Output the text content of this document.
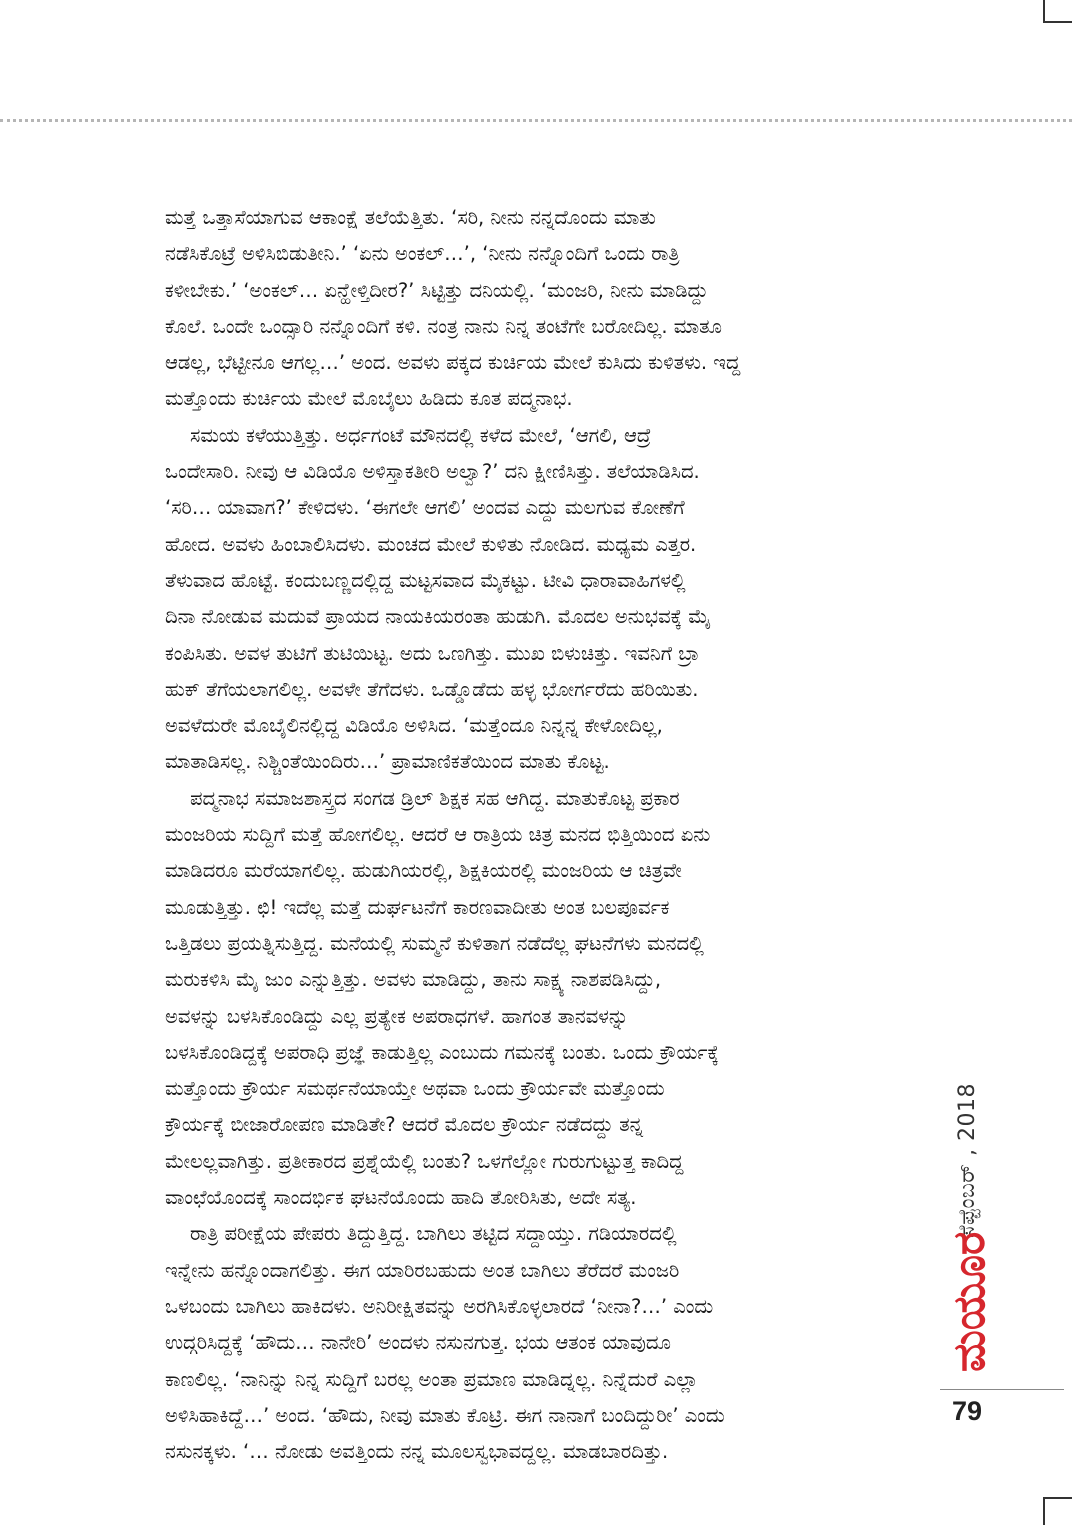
ಮತ್ತೆ ಒತ್ತಾಸೆಯಾಗುವ ಆಕಾಂಕ್ಷೆ ತಲೆಯೆತ್ತಿತು. ‘ಸರಿ, ನೀನು ನನ್ನದೊಂದು ಮಾತು
ನಡೆಸಿಕೊಟ್ರೆ ಅಳಿಸಿಬಿಡುತೀನಿ.’ ‘ಏನು ಅಂಕಲ್…’, ‘ನೀನು ನನ್ನೊಂದಿಗೆ ಒಂದು ರಾತ್ರಿ
ಕಳೀಬೇಕು.’ ‘ಅಂಕಲ್… ಏನ್ಹೇಳ್ತಿದೀರ?’ ಸಿಟ್ಟಿತ್ತು ದನಿಯಲ್ಲಿ. ‘ಮಂಜರಿ, ನೀನು ಮಾಡಿದ್ದು
ಕೊಲೆ. ಒಂದೇ ಒಂದ್ಸಾರಿ ನನ್ನೊಂದಿಗೆ ಕಳಿ. ನಂತ್ರ ನಾನು ನಿನ್ನ ತಂಟೆಗೇ ಬರೋದಿಲ್ಲ. ಮಾತೂ
ಆಡಲ್ಲ, ಭೆಟ್ಟೀನೂ ಆಗಲ್ಲ…’ ಅಂದ. ಅವಳು ಪಕ್ಕದ ಕುರ್ಚಿಯ ಮೇಲೆ ಕುಸಿದು ಕುಳಿತಳು. ಇದ್ದ
ಮತ್ತೊಂದು ಕುರ್ಚಿಯ ಮೇಲೆ ಮೊಬೈಲು ಹಿಡಿದು ಕೂತ ಪದ್ಮನಾಭ.
ಸಮಯ ಕಳೆಯುತ್ತಿತ್ತು. ಅರ್ಧಗಂಟೆ ಮೌನದಲ್ಲಿ ಕಳೆದ ಮೇಲೆ, ‘ಆಗಲಿ, ಆದ್ರೆ
ಒಂದೇಸಾರಿ. ನೀವು ಆ ವಿಡಿಯೊ ಅಳಿಸ್ತಾಕತೀರಿ ಅಲ್ವಾ?’ ದನಿ ಕ್ಷೀಣಿಸಿತ್ತು. ತಲೆಯಾಡಿಸಿದ.
‘ಸರಿ… ಯಾವಾಗ?’ ಕೇಳಿದಳು. ‘ಈಗಲೇ ಆಗಲಿ’ ಅಂದವ ಎದ್ದು ಮಲಗುವ ಕೋಣೆಗೆ
ಹೋದ. ಅವಳು ಹಿಂಬಾಲಿಸಿದಳು. ಮಂಚದ ಮೇಲೆ ಕುಳಿತು ನೋಡಿದ. ಮಧ್ಯಮ ಎತ್ತರ.
ತೆಳುವಾದ ಹೊಟ್ಟೆ. ಕಂದುಬಣ್ಣದಲ್ಲಿದ್ದ ಮಟ್ಟಸವಾದ ಮೈಕಟ್ಟು. ಟೀವಿ ಧಾರಾವಾಹಿಗಳಲ್ಲಿ
ದಿನಾ ನೋಡುವ ಮದುವೆ ಪ್ರಾಯದ ನಾಯಕಿಯರಂತಾ ಹುಡುಗಿ. ಮೊದಲ ಅನುಭವಕ್ಕೆ ಮೈ
ಕಂಪಿಸಿತು. ಅವಳ ತುಟಿಗೆ ತುಟಿಯಿಟ್ಟ. ಅದು ಒಣಗಿತ್ತು. ಮುಖ ಬಿಳುಚಿತ್ತು. ಇವನಿಗೆ ಬ್ರಾ
ಹುಕ್ ತೆಗೆಯಲಾಗಲಿಲ್ಲ. ಅವಳೇ ತೆಗೆದಳು. ಒಡ್ಡೊಡೆದು ಹಳ್ಳ ಭೋರ್ಗರೆದು ಹರಿಯಿತು.
ಅವಳೆದುರೇ ಮೊಬೈಲಿನಲ್ಲಿದ್ದ ವಿಡಿಯೊ ಅಳಿಸಿದ. ‘ಮತ್ತೆಂದೂ ನಿನ್ನನ್ನ ಕೇಳೋದಿಲ್ಲ,
ಮಾತಾಡಿಸಲ್ಲ. ನಿಶ್ಚಿಂತೆಯಿಂದಿರು…’ ಪ್ರಾಮಾಣಿಕತೆಯಿಂದ ಮಾತು ಕೊಟ್ಟ.
ಪದ್ಮನಾಭ ಸಮಾಜಶಾಸ್ತ್ರದ ಸಂಗಡ ಡ್ರಿಲ್ ಶಿಕ್ಷಕ ಸಹ ಆಗಿದ್ದ. ಮಾತುಕೊಟ್ಟ ಪ್ರಕಾರ
ಮಂಜರಿಯ ಸುದ್ದಿಗೆ ಮತ್ತೆ ಹೋಗಲಿಲ್ಲ. ಆದರೆ ಆ ರಾತ್ರಿಯ ಚಿತ್ರ ಮನದ ಭಿತ್ತಿಯಿಂದ ಏನು
ಮಾಡಿದರೂ ಮರೆಯಾಗಲಿಲ್ಲ. ಹುಡುಗಿಯರಲ್ಲಿ, ಶಿಕ್ಷಕಿಯರಲ್ಲಿ ಮಂಜರಿಯ ಆ ಚಿತ್ರವೇ
ಮೂಡುತ್ತಿತ್ತು. ಛಿ! ಇದೆಲ್ಲ ಮತ್ತೆ ದುರ್ಘಟನೆಗೆ ಕಾರಣವಾದೀತು ಅಂತ ಬಲಪೂರ್ವಕ
ಒತ್ತಿಡಲು ಪ್ರಯತ್ನಿಸುತ್ತಿದ್ದ. ಮನೆಯಲ್ಲಿ ಸುಮ್ಮನೆ ಕುಳಿತಾಗ ನಡೆದೆಲ್ಲ ಘಟನೆಗಳು ಮನದಲ್ಲಿ
ಮರುಕಳಿಸಿ ಮೈ ಜುಂ ಎನ್ನುತ್ತಿತ್ತು. ಅವಳು ಮಾಡಿದ್ದು, ತಾನು ಸಾಕ್ಷ್ಯ ನಾಶಪಡಿಸಿದ್ದು,
ಅವಳನ್ನು ಬಳಸಿಕೊಂಡಿದ್ದು ಎಲ್ಲ ಪ್ರತ್ಯೇಕ ಅಪರಾಧಗಳೆ. ಹಾಗಂತ ತಾನವಳನ್ನು
ಬಳಸಿಕೊಂಡಿದ್ದಕ್ಕೆ ಅಪರಾಧಿ ಪ್ರಜ್ಞೆ ಕಾಡುತ್ತಿಲ್ಲ ಎಂಬುದು ಗಮನಕ್ಕೆ ಬಂತು. ಒಂದು ಕ್ರೌರ್ಯಕ್ಕೆ
ಮತ್ತೊಂದು ಕ್ರೌರ್ಯ ಸಮರ್ಥನೆಯಾಯ್ತೇ ಅಥವಾ ಒಂದು ಕ್ರೌರ್ಯವೇ ಮತ್ತೊಂದು
ಕ್ರೌರ್ಯಕ್ಕೆ ಬೀಜಾರೋಪಣ ಮಾಡಿತೇ? ಆದರೆ ಮೊದಲ ಕ್ರೌರ್ಯ ನಡೆದದ್ದು ತನ್ನ
ಮೇಲಲ್ಲವಾಗಿತ್ತು. ಪ್ರತೀಕಾರದ ಪ್ರಶ್ನೆಯೆಲ್ಲಿ ಬಂತು? ಒಳಗೆಲ್ಲೋ ಗುರುಗುಟ್ಟುತ್ತ ಕಾದಿದ್ದ
ವಾಂಛೆಯೊಂದಕ್ಕೆ ಸಾಂದರ್ಭಿಕ ಘಟನೆಯೊಂದು ಹಾದಿ ತೋರಿಸಿತು, ಅದೇ ಸತ್ಯ.
ರಾತ್ರಿ ಪರೀಕ್ಷೆಯ ಪೇಪರು ತಿದ್ದುತ್ತಿದ್ದ. ಬಾಗಿಲು ತಟ್ಟಿದ ಸದ್ದಾಯ್ತು. ಗಡಿಯಾರದಲ್ಲಿ
ಇನ್ನೇನು ಹನ್ನೊಂದಾಗಲಿತ್ತು. ಈಗ ಯಾರಿರಬಹುದು ಅಂತ ಬಾಗಿಲು ತೆರೆದರೆ ಮಂಜರಿ
ಒಳಬಂದು ಬಾಗಿಲು ಹಾಕಿದಳು. ಅನಿರೀಕ್ಷಿತವನ್ನು ಅರಗಿಸಿಕೊಳ್ಳಲಾರದೆ ‘ನೀನಾ?…’ ಎಂದು
ಉದ್ಗರಿಸಿದ್ದಕ್ಕೆ ‘ಹೌದು… ನಾನೇರಿ’ ಅಂದಳು ನಸುನಗುತ್ತ. ಭಯ ಆತಂಕ ಯಾವುದೂ
ಕಾಣಲಿಲ್ಲ. ‘ನಾನಿನ್ನು ನಿನ್ನ ಸುದ್ದಿಗೆ ಬರಲ್ಲ ಅಂತಾ ಪ್ರಮಾಣ ಮಾಡಿದ್ನಲ್ಲ. ನಿನ್ನೆದುರೆ ಎಲ್ಲಾ
ಅಳಿಸಿಹಾಕಿದ್ದೆ…’ ಅಂದ. ‘ಹೌದು, ನೀವು ಮಾತು ಕೊಟ್ರಿ. ಈಗ ನಾನಾಗೆ ಬಂದಿದ್ದುರೀ’ ಎಂದು
ನಸುನಕ್ಕಳು. ‘… ನೋಡು ಅವತ್ತಿಂದು ನನ್ನ ಮೂಲಸ್ವಭಾವದ್ದಲ್ಲ. ಮಾಡಬಾರದಿತ್ತು.
ಸೆಪ್ಟೆಂಬರ್ , 2018
ಮಯೂರ
79
